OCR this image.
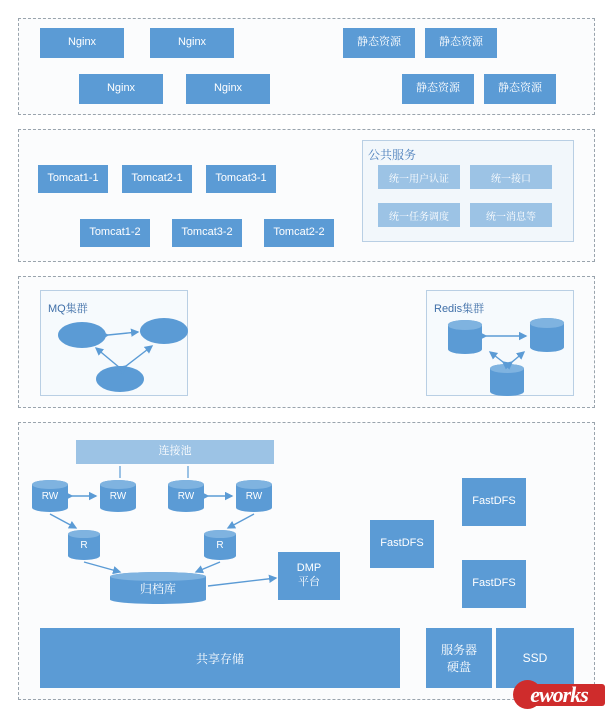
Nginx	Nginx
Nginx	Nginx
静态资源	静态资源
静态资源	静态资源
Tomcat1-1	Tomcat2-1	Tomcat3-1
Tomcat1-2	Tomcat3-2	Tomcat2-2
公共服务
统一用户认证	统一接口
统一任务调度	统一消息等
MQ集群	Redis集群
连接池
RW	RW	RW	RW
R	R
归档库
DMP
平台
FastDFS
FastDFS
FastDFS
共享存储
服务器
硬盘
SSD
eworks
